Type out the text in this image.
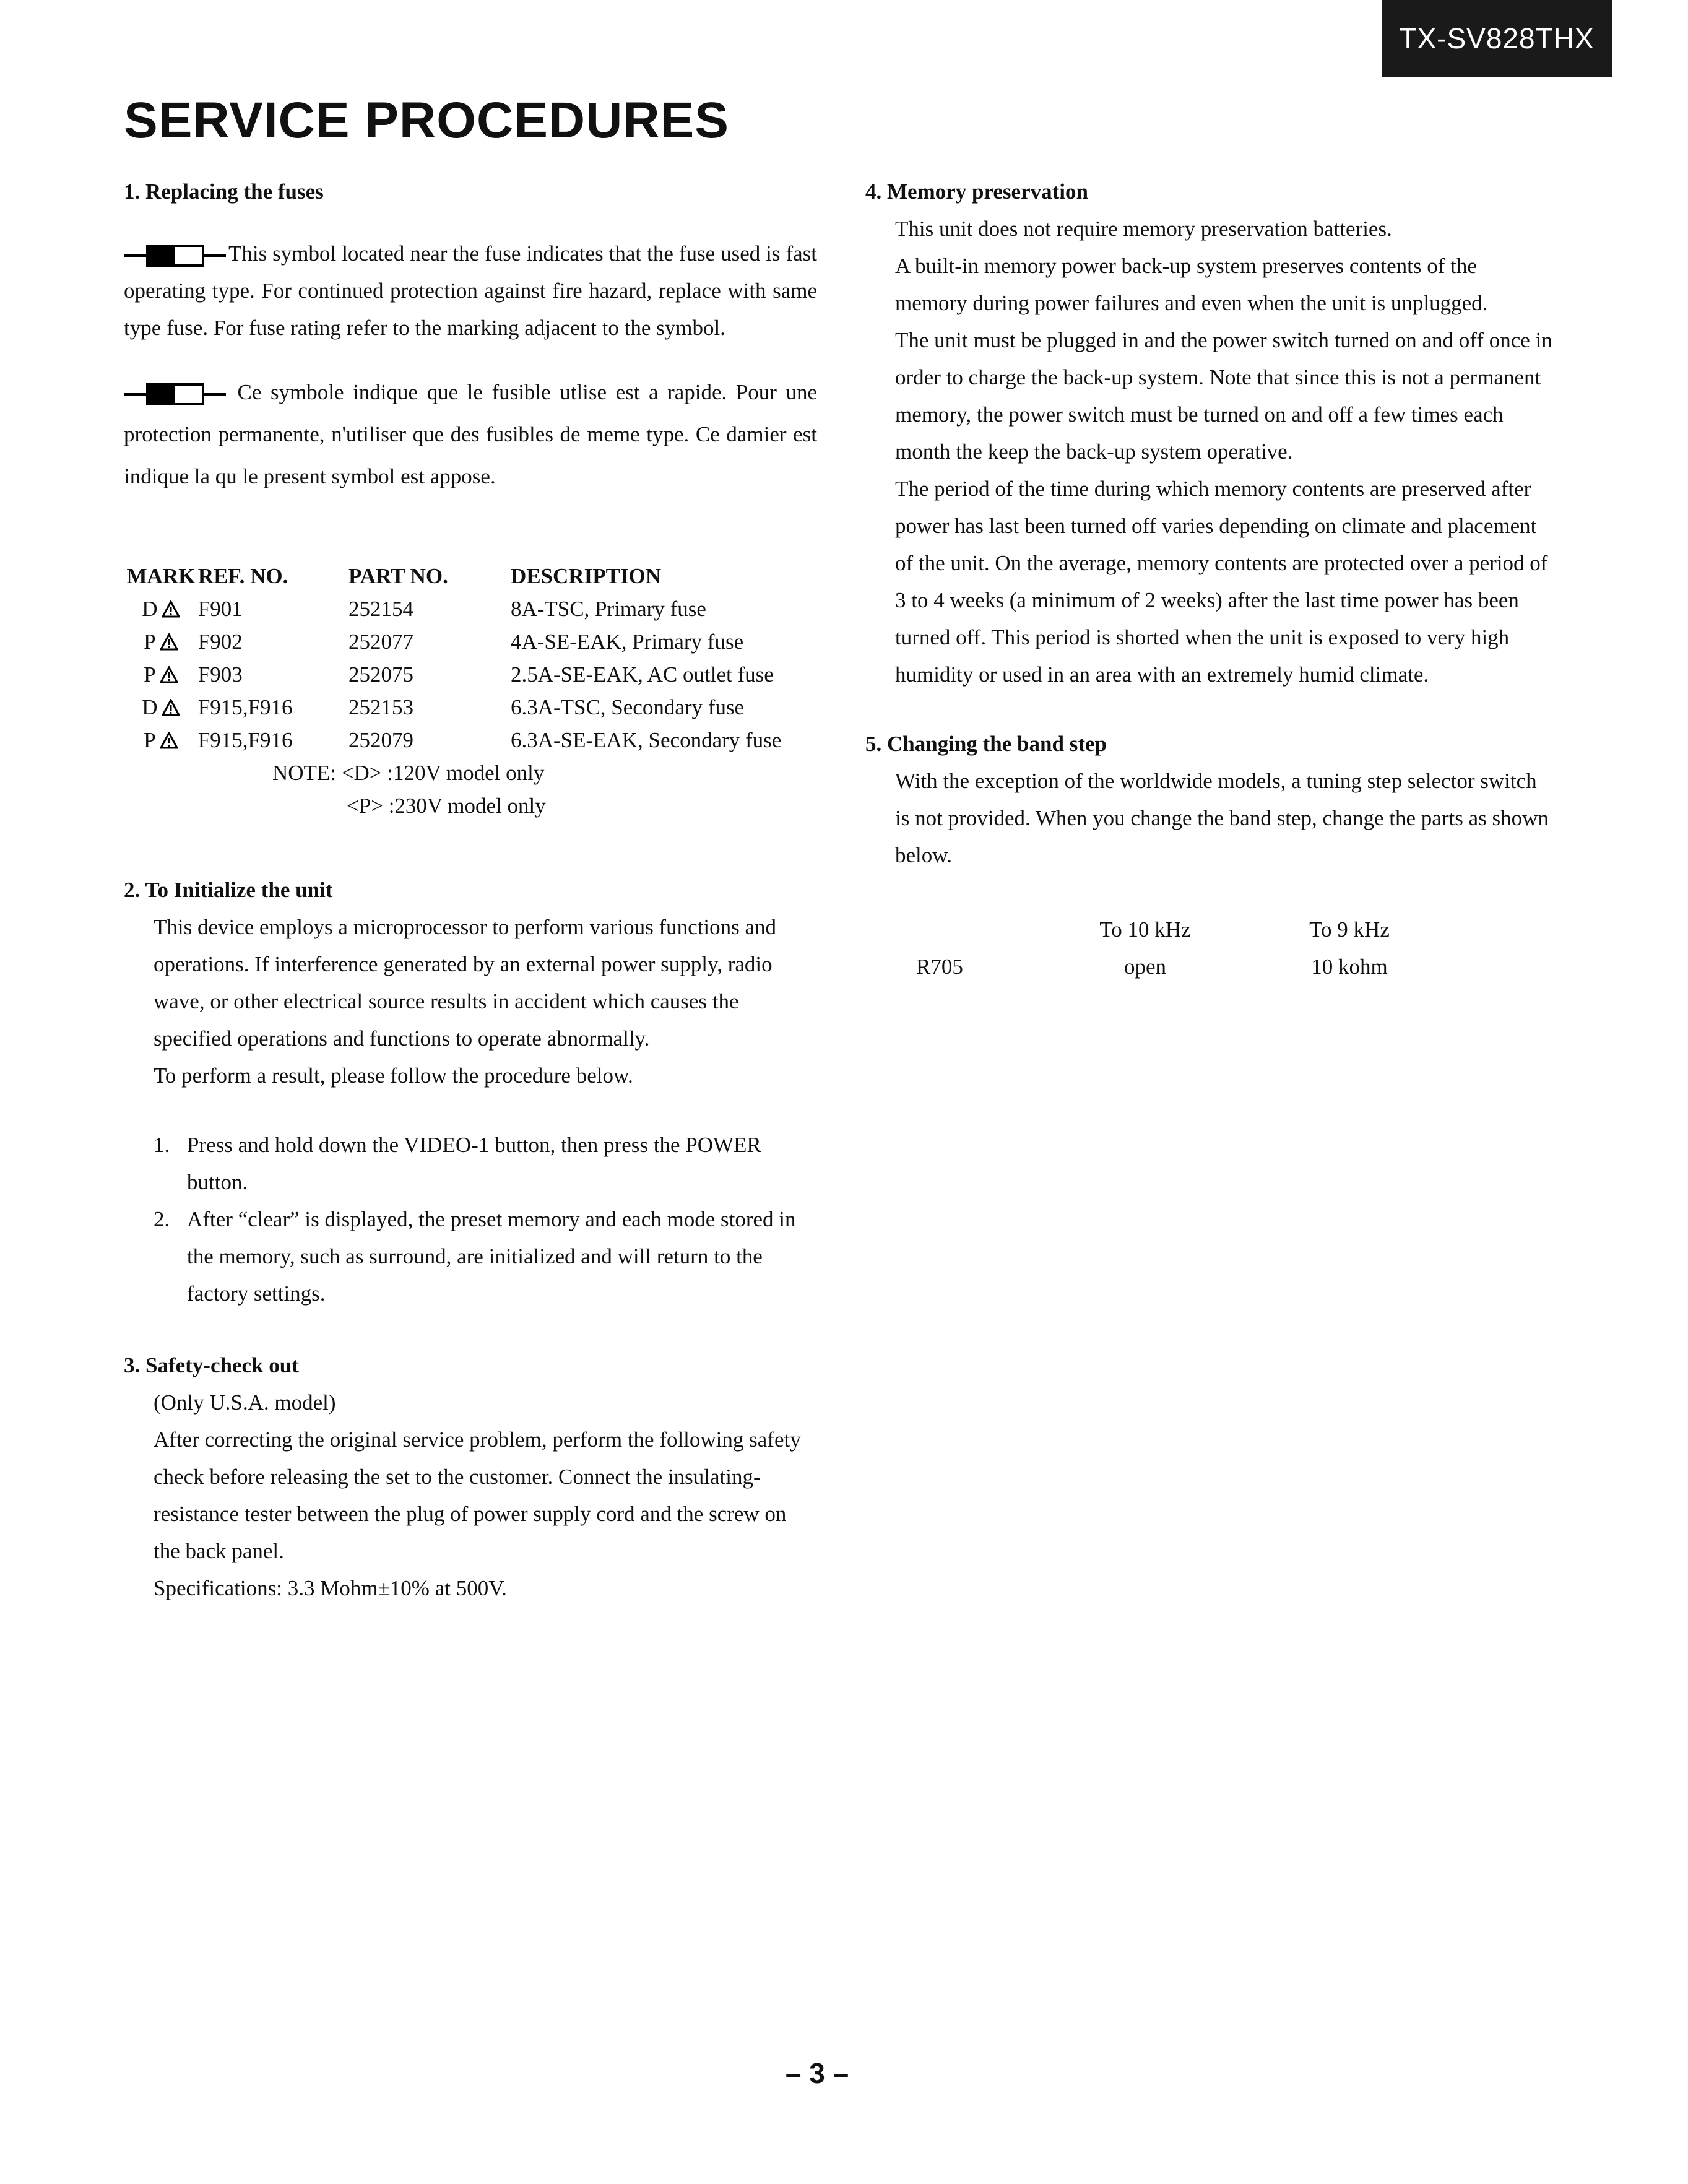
TX-SV828THX
SERVICE PROCEDURES

1. Replacing the fuses

This symbol located near the fuse indicates that the fuse used is fast operating type. For continued protection against fire hazard, replace with same type fuse. For fuse rating refer to the marking adjacent to the symbol.

Ce symbole indique que le fusible utlise est a rapide. Pour une protection permanente, n'utiliser que des fusibles de meme type. Ce damier est indique la qu le present symbol est appose.

MARK	REF. NO.	PART NO.	DESCRIPTION
D	F901	252154	8A-TSC, Primary fuse
P	F902	252077	4A-SE-EAK, Primary fuse
P	F903	252075	2.5A-SE-EAK, AC outlet fuse
D	F915,F916	252153	6.3A-TSC, Secondary fuse
P	F915,F916	252079	6.3A-SE-EAK, Secondary fuse

NOTE: <D> :120V model only

<P> :230V model only

2. To Initialize the unit

This device employs a microprocessor to perform various functions and operations. If interference generated by an external power supply, radio wave, or other electrical source results in accident which causes the specified operations and functions to operate abnormally.

To perform a result, please follow the procedure below.

1. Press and hold down the VIDEO-1 button, then press the POWER button.
2. After “clear” is displayed, the preset memory and each mode stored in the memory, such as surround, are initialized and will return to the factory settings.

3. Safety-check out

(Only U.S.A. model)

After correcting the original service problem, perform the following safety check before releasing the set to the customer. Connect the insulating-resistance tester between the plug of power supply cord and the screw on the back panel.

Specifications: 3.3 Mohm±10% at 500V.

4. Memory preservation

This unit does not require memory preservation batteries.

A built-in memory power back-up system preserves contents of the memory during power failures and even when the unit is unplugged.

The unit must be plugged in and the power switch turned on and off once in order to charge the back-up system. Note that since this is not a permanent memory, the power switch must be turned on and off a few times each month the keep the back-up system operative.

The period of the time during which memory contents are preserved after power has last been turned off varies depending on climate and placement of the unit. On the average, memory contents are protected over a period of 3 to 4 weeks (a minimum of 2 weeks) after the last time power has been turned off. This period is shorted when the unit is exposed to very high humidity or used in an area with an extremely humid climate.

5. Changing the band step

With the exception of the worldwide models, a tuning step selector switch is not provided. When you change the band step, change the parts as shown below.

	To 10 kHz	To 9 kHz
R705	open	10 kohm
– 3 –
